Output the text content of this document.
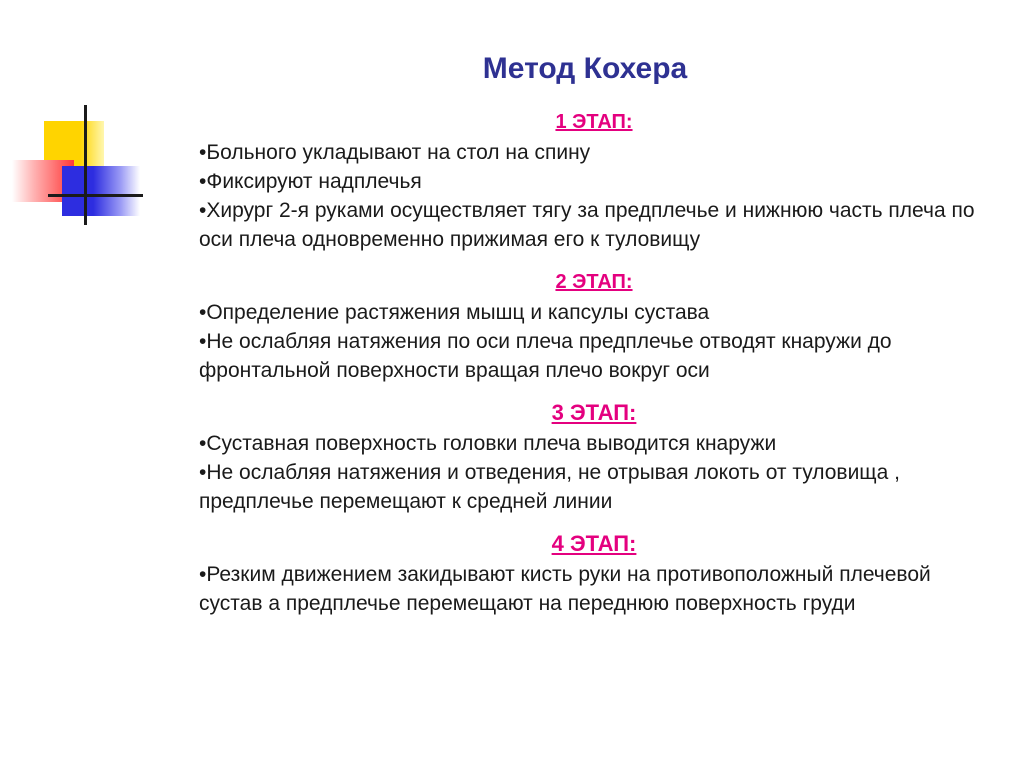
Метод Кохера
1 ЭТАП:

•Больного укладывают на стол на спину
•Фиксируют надплечья
•Хирург 2-я руками осуществляет тягу за предплечье и нижнюю часть плеча по оси плеча одновременно прижимая его к туловищу

2 ЭТАП:

•Определение растяжения мышц и капсулы сустава
•Не ослабляя натяжения по оси плеча предплечье отводят кнаружи до фронтальной поверхности вращая плечо вокруг оси

3 ЭТАП:

•Суставная поверхность головки плеча выводится кнаружи
•Не ослабляя натяжения и отведения, не отрывая локоть от туловища , предплечье перемещают к средней линии

4 ЭТАП:

•Резким движением закидывают кисть руки на противоположный плечевой сустав а предплечье перемещают на переднюю поверхность груди
